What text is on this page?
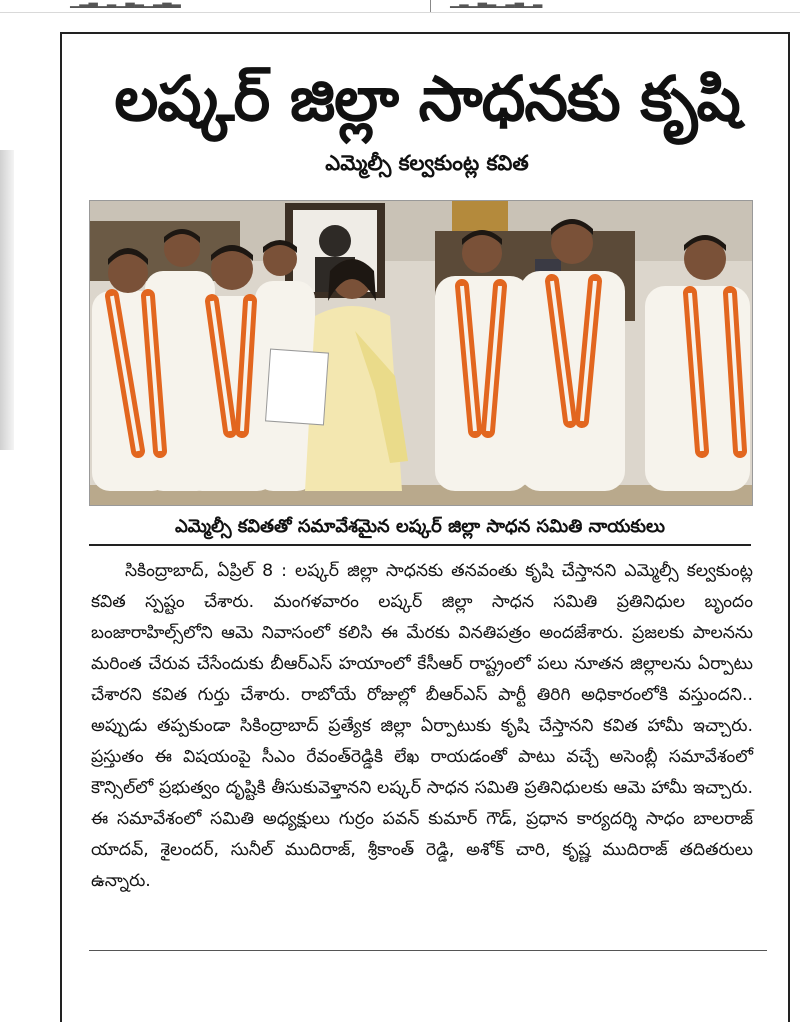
▁▂▃▁▂▁▃▂▁▂▃▂	▁▂▁▃▂▁▂▃▁▂
లష్కర్ జిల్లా సాధనకు కృషి
ఎమ్మెల్సీ కల్వకుంట్ల కవిత
ఎమ్మెల్సీ కవితతో సమావేశమైన లష్కర్ జిల్లా సాధన సమితి నాయకులు
సికింద్రాబాద్, ఏప్రిల్ 8 : లష్కర్ జిల్లా సాధనకు తనవంతు కృషి చేస్తానని ఎమ్మెల్సీ కల్వకుంట్ల కవిత స్పష్టం చేశారు. మంగళవారం లష్కర్ జిల్లా సాధన సమితి ప్రతినిధుల బృందం బంజారాహిల్స్‌లోని ఆమె నివాసంలో కలిసి ఈ మేరకు వినతిపత్రం అందజేశారు. ప్రజలకు పాలనను మరింత చేరువ చేసేందుకు బీఆర్ఎస్ హయాంలో కేసీఆర్ రాష్ట్రంలో పలు నూతన జిల్లాలను ఏర్పాటు చేశారని కవిత గుర్తు చేశారు. రాబోయే రోజుల్లో బీఆర్ఎస్ పార్టీ తిరిగి అధికారంలోకి వస్తుందని.. అప్పుడు తప్పకుండా సికింద్రాబాద్ ప్రత్యేక జిల్లా ఏర్పాటుకు కృషి చేస్తానని కవిత హామీ ఇచ్చారు. ప్రస్తుతం ఈ విషయంపై సీఎం రేవంత్‌రెడ్డికి లేఖ రాయడంతో పాటు వచ్చే అసెంబ్లీ సమావేశంలో కౌన్సిల్‌లో ప్రభుత్వం దృష్టికి తీసుకువెళ్తానని లష్కర్ సాధన సమితి ప్రతినిధులకు ఆమె హామీ ఇచ్చారు. ఈ సమావేశంలో సమితి అధ్యక్షులు గుర్రం పవన్ కుమార్ గౌడ్, ప్రధాన కార్యదర్శి సాధం బాలరాజ్ యాదవ్, శైలందర్, సునీల్ ముదిరాజ్, శ్రీకాంత్ రెడ్డి, అశోక్ చారి, కృష్ణ ముదిరాజ్ తదితరులు ఉన్నారు.
